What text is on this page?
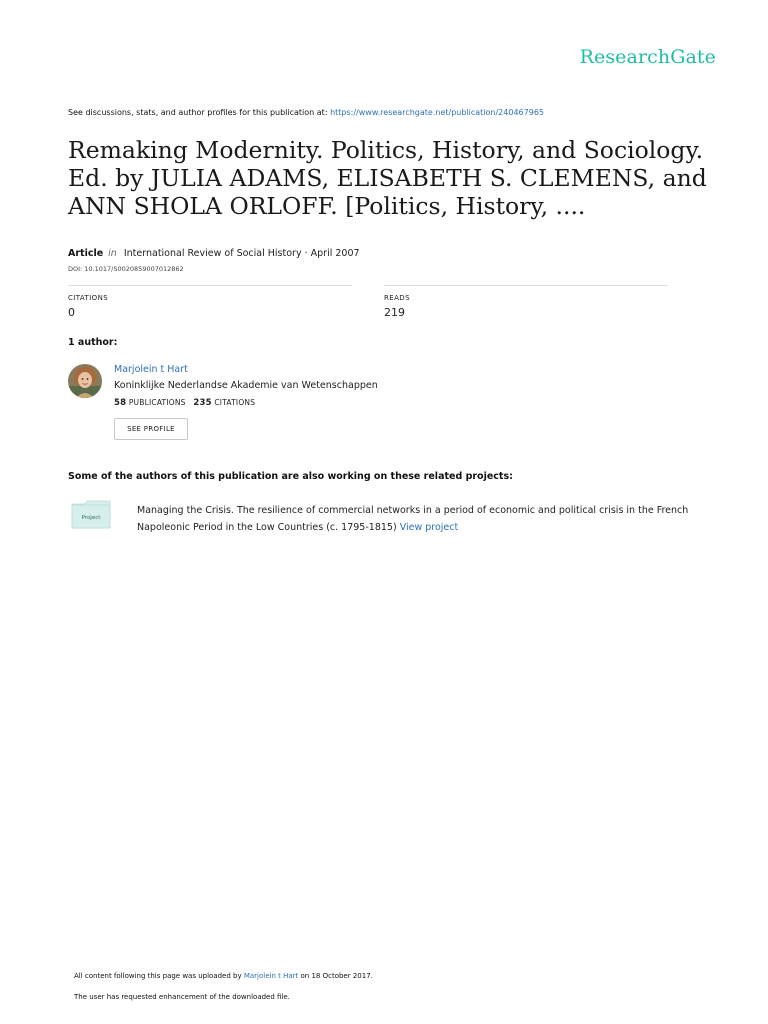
ResearchGate
See discussions, stats, and author profiles for this publication at: https://www.researchgate.net/publication/240467965
Remaking Modernity. Politics, History, and Sociology. Ed. by JULIA ADAMS, ELISABETH S. CLEMENS, and ANN SHOLA ORLOFF. [Politics, History, ....
Article in International Review of Social History · April 2007
DOI: 10.1017/S0020859007012862
CITATIONS
0
READS
219
1 author:
Marjolein t Hart
Koninklijke Nederlandse Akademie van Wetenschappen
58 PUBLICATIONS 235 CITATIONS
SEE PROFILE
Some of the authors of this publication are also working on these related projects:
Project
Managing the Crisis. The resilience of commercial networks in a period of economic and political crisis in the French Napoleonic Period in the Low Countries (c. 1795-1815) View project
All content following this page was uploaded by Marjolein t Hart on 18 October 2017.
The user has requested enhancement of the downloaded file.
